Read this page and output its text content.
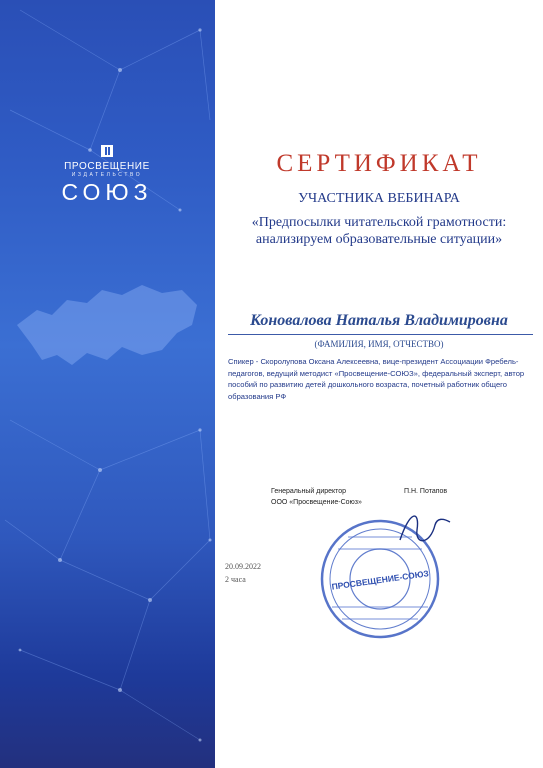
ПРОСВЕЩЕНИЕ
ИЗДАТЕЛЬСТВО
СОЮЗ
СЕРТИФИКАТ
УЧАСТНИКА ВЕБИНАРА
«Предпосылки читательской грамотности: анализируем образовательные ситуации»
Коновалова Наталья Владимировна
(ФАМИЛИЯ, ИМЯ, ОТЧЕСТВО)
Спикер - Скоролупова Оксана Алексеевна, вице-президент Ассоциации Фребель-педагогов, ведущий методист «Просвещение-СОЮЗ», федеральный эксперт, автор пособий по развитию детей дошкольного возраста, почетный работник общего образования РФ
Генеральный директор
ООО «Просвещение-Союз»
П.Н. Потапов
20.09.2022
2 часа	ПРОСВЕЩЕНИЕ-СОЮЗ
